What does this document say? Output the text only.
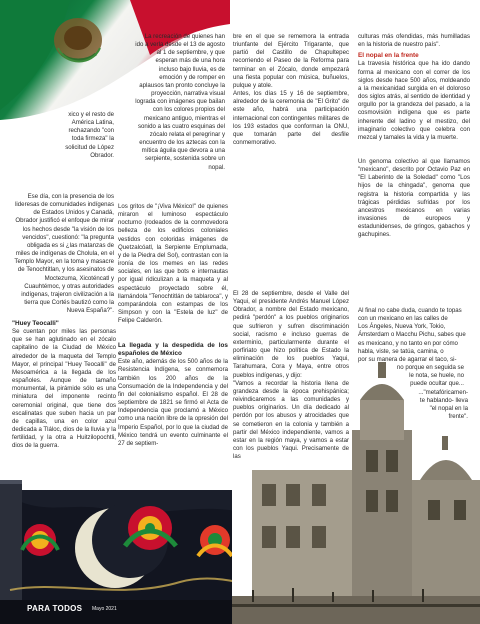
xico y el resto de América Latina, rechazando "con toda firmeza" la solicitud de López Obrador.

Ese día, con la presencia de los lideresas de comunidades indígenas de Estados Unidos y Canadá, Obrador justificó el enfoque de mirar los hechos desde "la visión de los vencidos", cuestionó: "la pregunta obligada es si ¿las matanzas de miles de indígenas de Cholula, en el Templo Mayor, en la toma y masacre de Tenochtitlan, y los asesinatos de Moctezuma, Xicoténcatl y Cuauhtémoc, y otras autoridades indígenas, trajeron civilización a la tierra que Cortés bautizó como la Nueva España?".

"Huey Teocalli"

Se cuentan por miles las personas que se han aglutinado en el zócalo capitalino de la Ciudad de México alrededor de la maqueta del Templo Mayor, el principal "Huey Teocalli" de Mesoamérica a la llegada de los españoles. Aunque de tamaño monumental, la pirámide sólo es una miniatura del imponente recinto ceremonial original, que tiene dos escalinatas que suben hacia un par de capillas, una en color azul dedicada a Tláloc, dios de la lluvia y la fertilidad, y la otra a Huitzilopochtli, dios de la guerra.

La recreación de quienes han ido a verla desde el 13 de agosto al 1 de septiembre, y que esperan más de una hora incluso bajo lluvia, es de emoción y de romper en aplausos tan pronto concluye la proyección, narrativa visual lograda con imágenes que bailan con los colores propios del mexicano antiguo, mientras el sonido a las cuatro esquinas del zócalo relata el peregrinar y encuentro de los aztecas con la mítica águila que devora a una serpiente, sostenida sobre un nopal.

Los gritos de "¡Viva México!" de quienes miraron el luminoso espectáculo nocturno (rodeados de la conmovedora belleza de los edificios coloniales vestidos con coloridas imágenes de Quetzalcóatl, la Serpiente Emplumada, y de la Piedra del Sol), contrastan con la ironía de los memes en las redes sociales, en las que bots e internautas por igual ridiculizan a la maqueta y al espectáculo proyectado sobre él, llamándola "Tenochtitlán de tablaroca", y comparándola con estampas de los Simpson y con la "Estela de luz" de Felipe Calderón.

La llegada y la despedida de los españoles de México

Este año, además de los 500 años de la Resistencia Indígena, se conmemora también los 200 años de la Consumación de la Independencia y del fin del colonialismo español. El 28 de septiembre de 1821 se firmó el Acta de Independencia que proclamó a México como una nación libre de la opresión del Imperio Español, por lo que la ciudad de México tendrá un evento culminante el 27 de septiem-

bre en el que se rememora la entrada triunfante del Ejército Trigarante, que partió del Castillo de Chapultepec recorriendo el Paseo de la Reforma para terminar en el Zócalo, donde empezará una fiesta popular con música, buñuelos, pulque y atole.

Antes, los días 15 y 16 de septiembre, alrededor de la ceremonia de "El Grito" de este año, habrá una participación internacional con contingentes militares de los 193 estados que conforman la ONU, que tomarán parte del desfile conmemorativo.

El 28 de septiembre, desde el Valle del Yaqui, el presidente Andrés Manuel López Obrador, a nombre del Estado mexicano, pedirá "perdón" a los pueblos originarios que sufrieron y sufren discriminación social, racismo e incluso guerras de exterminio, particularmente durante el porfiriato que hizo política de Estado la eliminación de los pueblos Yaqui, Tarahumara, Cora y Maya, entre otros pueblos indígenas, y dijo:

"Vamos a recordar la historia llena de grandeza desde la época prehispánica; reivindicaremos a las comunidades y pueblos originarios. Un día dedicado al perdón por los abusos y atrocidades que se cometieron en la colonia y también a partir del México independiente, vamos a estar en la región maya, y vamos a estar con los pueblos Yaqui. Precisamente de las

culturas más ofendidas, más humilladas en la historia de nuestro país".

El nopal en la frente

La travesía histórica que ha ido dando forma al mexicano con el correr de los siglos desde hace 500 años, moldeando a la mexicanidad surgida en el doloroso dos siglos atrás, al sentido de identidad y orgullo por la grandeza del pasado, a la cosmovisión indígena que es parte inherente del ladino y el mestizo, del imaginario colectivo que celebra con mezcal y tamales la vida y la muerte.

Un genoma colectivo al que llamamos "mexicano", descrito por Octavio Paz en "El Laberinto de la Soledad" como "Los hijos de la chingada", genoma que registra la historia compartida y las trágicas pérdidas sufridas por los ancestros mexicanos en varias invasiones de europeos y estadunidenses, de gringos, gabachos y gachupines.

Al final no cabe duda, cuando te topas con un mexicano en las calles de
Los Ángeles, Nueva York, Tokio, Ámsterdam o Macchu Pichu, sabes que
es mexicano, y no tanto en por cómo habla, viste, se tatúa, camina, o
por su manera de agarrar el taco, si-
no porque en seguida se
le nota, se huele, no
puede ocultar que...
..."metafóricamen-
te hablando- lleva
"el nopal en la
frente".
PARA TODOS Mayo 2021
